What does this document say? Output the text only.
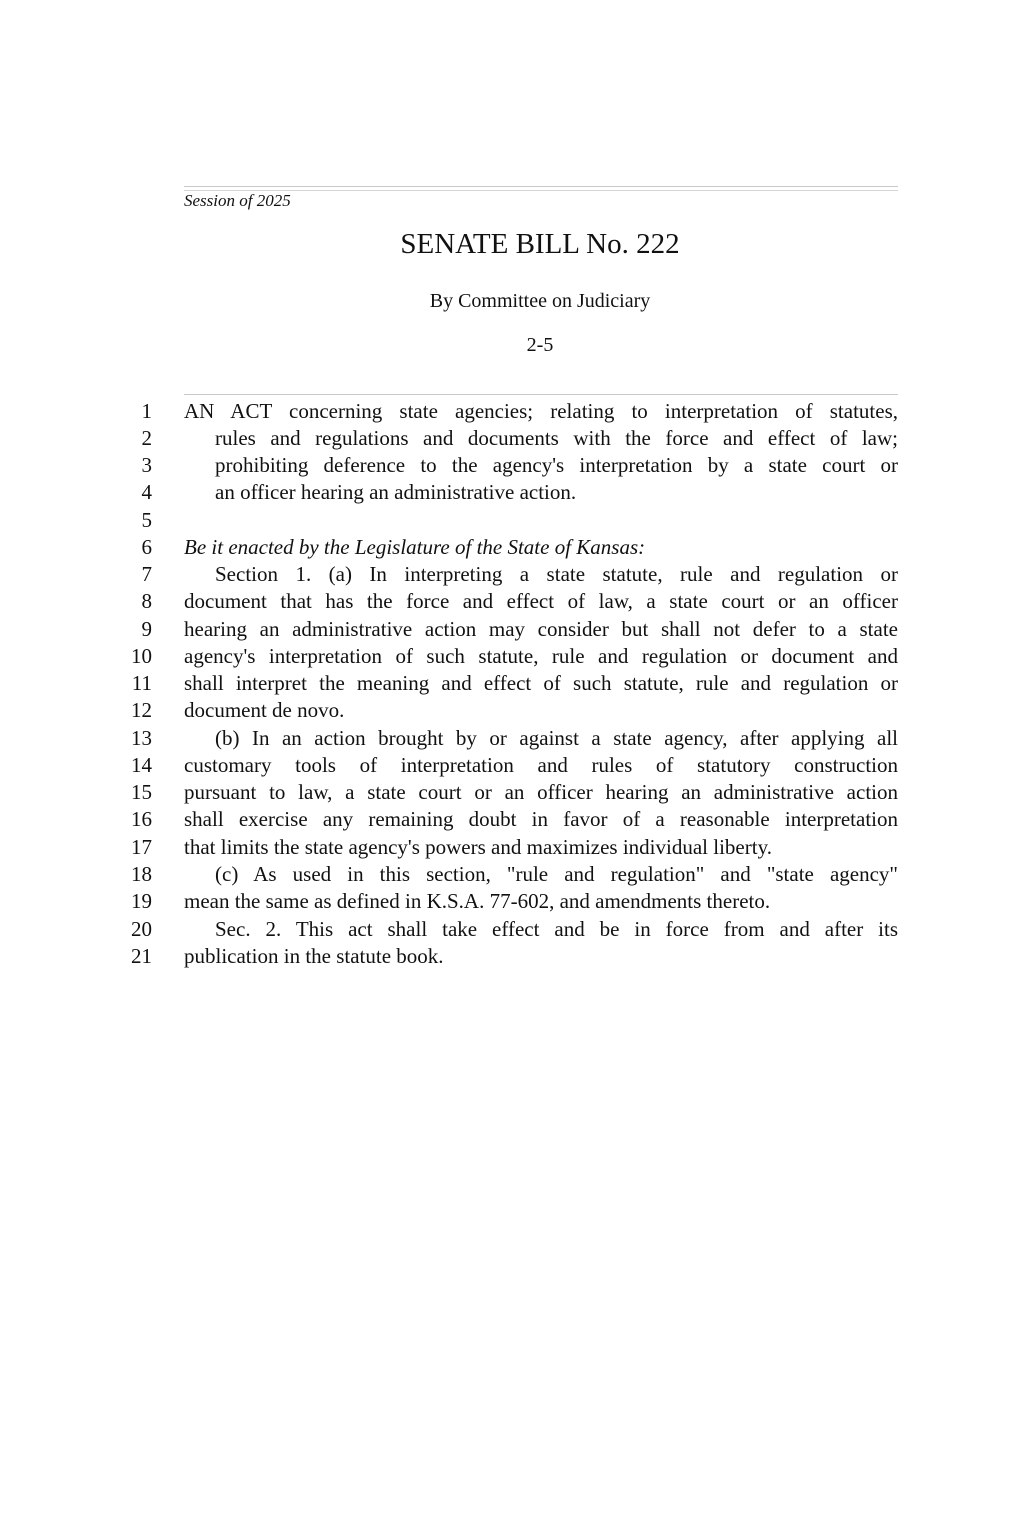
Session of 2025
SENATE BILL No. 222
By Committee on Judiciary
2-5
1
2
3
4
5
6
7
8
9
10
11
12
13
14
15
16
17
18
19
20
21
AN ACT concerning state agencies; relating to interpretation of statutes,
rules and regulations and documents with the force and effect of law;
prohibiting deference to the agency's interpretation by a state court or
an officer hearing an administrative action.
Be it enacted by the Legislature of the State of Kansas:
Section 1. (a) In interpreting a state statute, rule and regulation or
document that has the force and effect of law, a state court or an officer
hearing an administrative action may consider but shall not defer to a state
agency's interpretation of such statute, rule and regulation or document and
shall interpret the meaning and effect of such statute, rule and regulation or
document de novo.
(b) In an action brought by or against a state agency, after applying all
customary tools of interpretation and rules of statutory construction
pursuant to law, a state court or an officer hearing an administrative action
shall exercise any remaining doubt in favor of a reasonable interpretation
that limits the state agency's powers and maximizes individual liberty.
(c) As used in this section, "rule and regulation" and "state agency"
mean the same as defined in K.S.A. 77-602, and amendments thereto.
Sec. 2. This act shall take effect and be in force from and after its
publication in the statute book.
